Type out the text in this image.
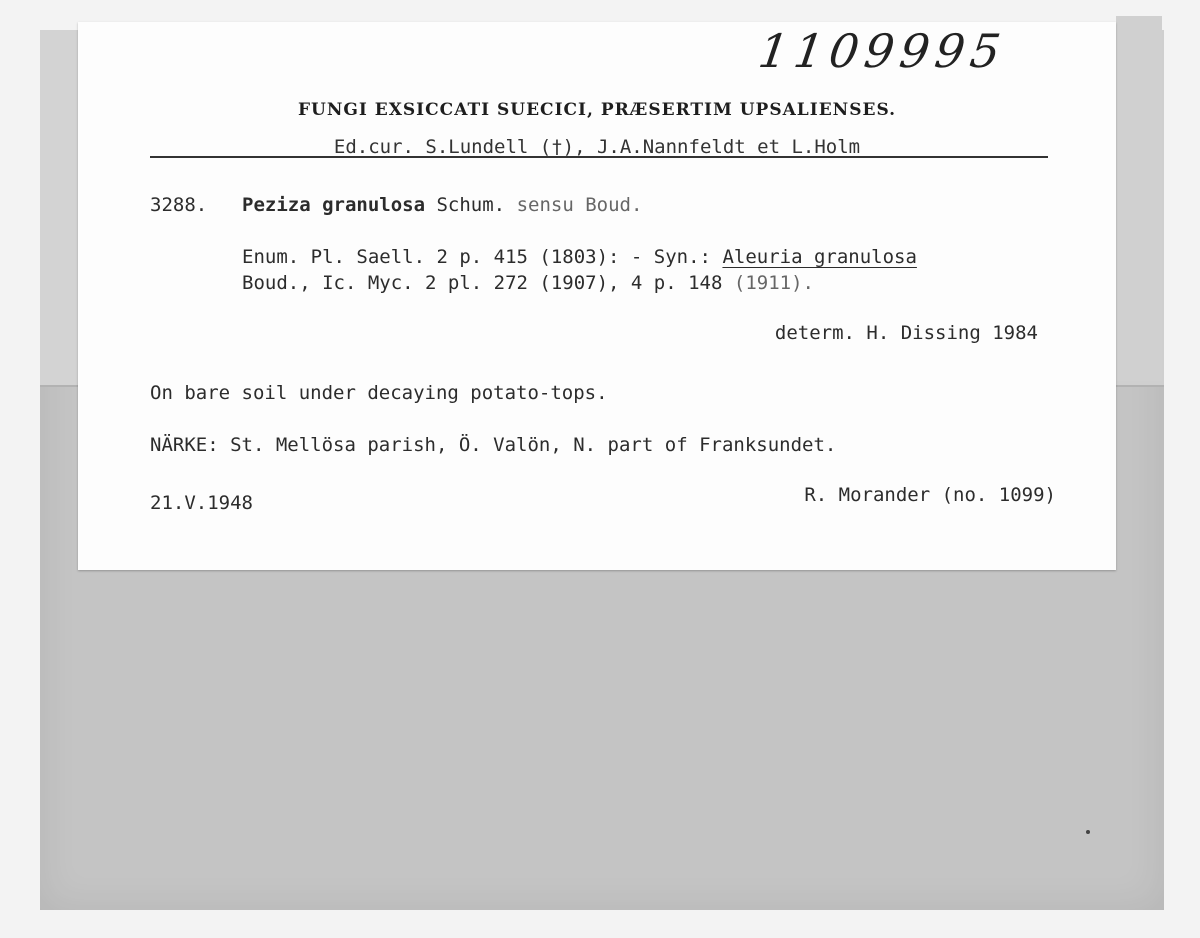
1109995
FUNGI EXSICCATI SUECICI, PRÆSERTIM UPSALIENSES.
Ed.cur. S.Lundell (†), J.A.Nannfeldt et L.Holm
3288. Peziza granulosa Schum. sensu Boud.
Enum. Pl. Saell. 2 p. 415 (1803): - Syn.: Aleuria granulosa
Boud., Ic. Myc. 2 pl. 272 (1907), 4 p. 148 (1911).
determ. H. Dissing 1984
On bare soil under decaying potato-tops.
NÄRKE: St. Mellösa parish, Ö. Valön, N. part of Franksundet.
21.V.1948	R. Morander (no. 1099)
